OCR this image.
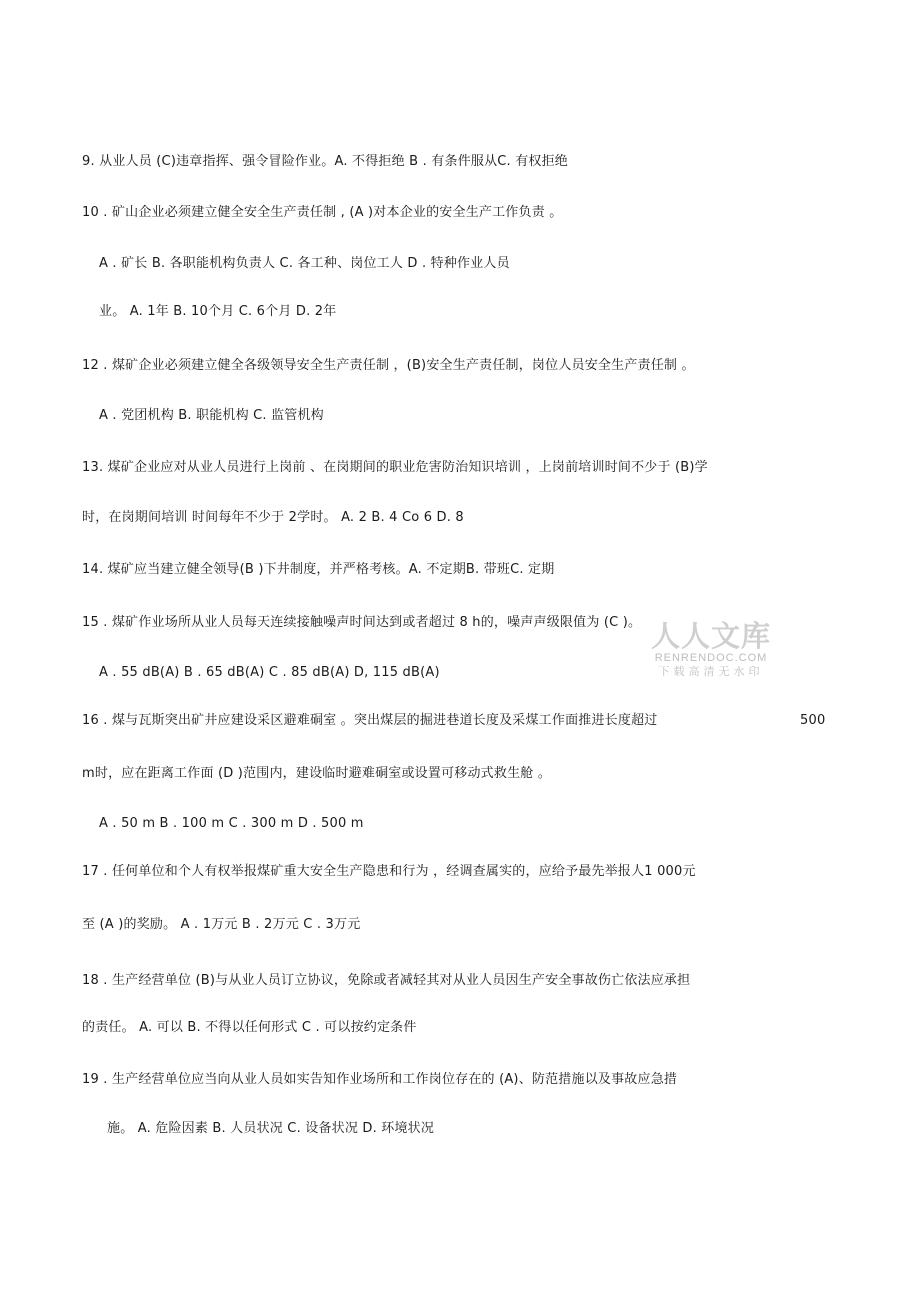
9. 从业人员 (C)违章指挥、强令冒险作业。A. 不得拒绝 B . 有条件服从C. 有权拒绝
10 . 矿山企业必须建立健全安全生产责任制 , (A )对本企业的安全生产工作负责 。
A . 矿长 B. 各职能机构负责人 C. 各工种、岗位工人 D . 特种作业人员
业。 A. 1年 B. 10个月 C. 6个月 D. 2年
12 . 煤矿企业必须建立健全各级领导安全生产责任制 ，(B)安全生产责任制，岗位人员安全生产责任制 。
A . 党团机构 B. 职能机构 C. 监管机构
13. 煤矿企业应对从业人员进行上岗前 、在岗期间的职业危害防治知识培训 ，上岗前培训时间不少于 (B)学
时，在岗期间培训 时间每年不少于 2学时。 A. 2 B. 4 Co 6 D. 8
14. 煤矿应当建立健全领导(B )下井制度，并严格考核。A. 不定期B. 带班C. 定期
15 . 煤矿作业场所从业人员每天连续接触噪声时间达到或者超过 8 h的，噪声声级限值为 (C )。
A . 55 dB(A) B . 65 dB(A) C . 85 dB(A) D, 115 dB(A)
16 . 煤与瓦斯突出矿井应建设采区避难硐室 。突出煤层的掘进巷道长度及采煤工作面推进长度超过	500
m时，应在距离工作面 (D )范围内，建设临时避难硐室或设置可移动式救生舱 。
A . 50 m B . 100 m C . 300 m D . 500 m
17 . 任何单位和个人有权举报煤矿重大安全生产隐患和行为 ，经调查属实的，应给予最先举报人1 000元
至 (A )的奖励。 A . 1万元 B . 2万元 C . 3万元
18 . 生产经营单位 (B)与从业人员订立协议，免除或者减轻其对从业人员因生产安全事故伤亡依法应承担
的责任。 A. 可以 B. 不得以任何形式 C . 可以按约定条件
19 . 生产经营单位应当向从业人员如实告知作业场所和工作岗位存在的 (A)、防范措施以及事故应急措
施。 A. 危险因素 B. 人员状况 C. 设备状况 D. 环境状况
人人文库
RENRENDOC.COM
下载高清无水印
